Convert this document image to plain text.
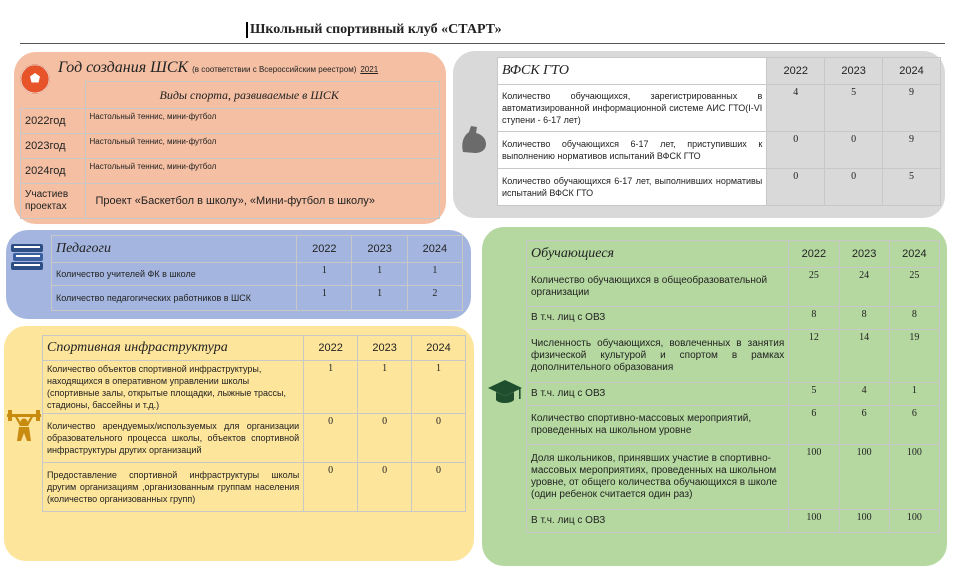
Школьный спортивный клуб «СТАРТ»
Год создания ШСК (в соответствии с Всероссийским реестром) 2021
	Виды спорта, развиваемые в ШСК
2022год	Настольный теннис, мини-футбол
2023год	Настольный теннис, мини-футбол
2024год	Настольный теннис, мини-футбол
Участиев проектах	Проект «Баскетбол в школу», «Мини-футбол в школу»
ВФСК ГТО	2022	2023	2024
Количество обучающихся, зарегистрированных в автоматизированной информационной системе АИС ГТО(I-VI ступени - 6-17 лет)	4	5	9
Количество обучающихся 6-17 лет, приступивших к выполнению нормативов испытаний ВФСК ГТО	0	0	9
Количество обучающихся 6-17 лет, выполнивших нормативы испытаний ВФСК ГТО	0	0	5
Педагоги	2022	2023	2024
Количество учителей ФК в школе	1	1	1
Количество педагогических работников в ШСК	1	1	2
Спортивная инфраструктура	2022	2023	2024
Количество объектов спортивной инфраструктуры, находящихся в оперативном управлении школы (спортивные залы, открытые площадки, лыжные трассы, стадионы, бассейны и т.д.)	1	1	1
Количество арендуемых/используемых для организации образовательного процесса школы, объектов спортивной инфраструктуры других организаций	0	0	0
Предоставление спортивной инфраструктуры школы другим организациям ,организованным группам населения (количество организованных групп)	0	0	0
Обучающиеся	2022	2023	2024
Количество обучающихся в общеобразовательной организации	25	24	25
В т.ч. лиц с ОВЗ	8	8	8
Численность обучающихся, вовлеченных в занятия физической культурой и спортом в рамках дополнительного образования	12	14	19
В т.ч. лиц с ОВЗ	5	4	1
Количество спортивно-массовых мероприятий, проведенных на школьном уровне	6	6	6
Доля школьников, принявших участие в спортивно-массовых мероприятиях, проведенных на школьном уровне, от общего количества обучающихся в школе (один ребенок считается один раз)	100	100	100
В т.ч. лиц с ОВЗ	100	100	100
